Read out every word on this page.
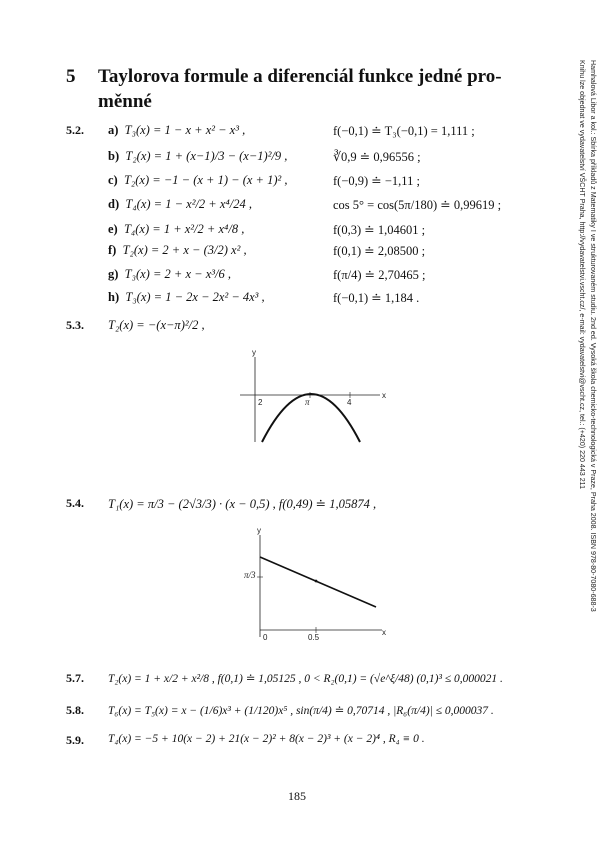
5 Taylorova formule a diferenciál funkce jedné pro-měnné
5.2. a) T₃(x) = 1 − x + x² − x³ ,	f(−0,1) ≐ T₃(−0,1) = 1,111 ;
b) T₂(x) = 1 + (x−1)/3 − (x−1)²/9 ,	∛0,9 ≐ 0,96556 ;
c) T₂(x) = −1 − (x + 1) − (x + 1)² ,	f(−0,9) ≐ −1,11 ;
d) T₄(x) = 1 − x²/2 + x⁴/24 ,	cos 5° = cos(5π/180) ≐ 0,99619 ;
e) T₄(x) = 1 + x²/2 + x⁴/8 ,	f(0,3) ≐ 1,04601 ;
f) T₂(x) = 2 + x − (3/2) x² ,	f(0,1) ≐ 2,08500 ;
g) T₃(x) = 2 + x − x³/6 ,	f(π/4) ≐ 2,70465 ;
h) T₃(x) = 1 − 2x − 2x² − 4x³ ,	f(−0,1) ≐ 1,184 .
5.3. T₂(x) = −(x−π)²/2 ,
y
x
2	π	4
5.4. T₁(x) = π/3 − (2√3/3) · (x − 0,5) , f(0,49) ≐ 1,05874 ,
y
x
0	0.5
π/3
5.7. T₂(x) = 1 + x/2 + x²/8 , f(0,1) ≐ 1,05125 , 0 < R₂(0,1) = (√e^ξ/48) (0,1)³ ≤ 0,000021 .
5.8. T₆(x) = T₅(x) = x − (1/6)x³ + (1/120)x⁵ , sin(π/4) ≐ 0,70714 , |R₆(π/4)| ≤ 0,000037 .
5.9. T₄(x) = −5 + 10(x − 2) + 21(x − 2)² + 8(x − 2)³ + (x − 2)⁴ , R₄ ≡ 0 .
185
Hamhalová Libor a kol.: Sbírka příkladů z Matematiky I ve strukturovaném studiu. 2nd ed. Vysoká škola chemicko-technologická v Praze, Praha 2008. ISBN 978-80-7080-688-3
Knihu lze objednat ve vydavatelství VŠCHT Praha, http://vydavatelstvi.vscht.cz/, e-mail: vydavatelstvi@vscht.cz, tel.: (+420) 220 443 211
